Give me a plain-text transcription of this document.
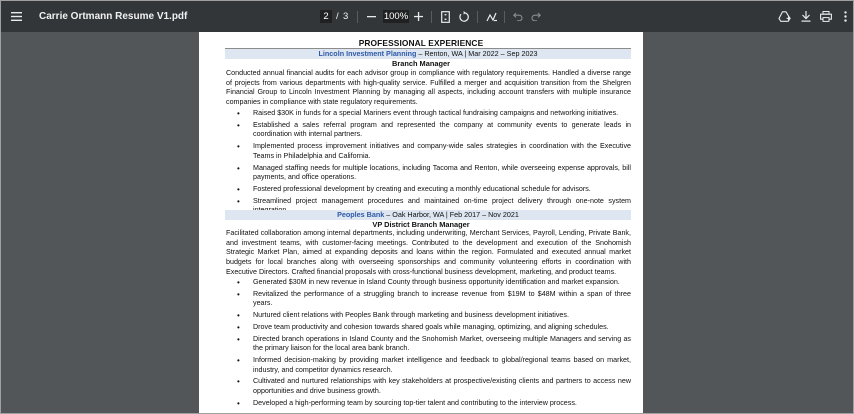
Carrie Ortmann Resume V1.pdf	2 / 3	100%
PROFESSIONAL EXPERIENCE
Lincoln Investment Planning – Renton, WA | Mar 2022 – Sep 2023
Branch Manager
Conducted annual financial audits for each advisor group in compliance with regulatory requirements. Handled a diverse range of projects from various departments with high-quality service. Fulfilled a merger and acquisition transition from the Shelgren Financial Group to Lincoln Investment Planning by managing all aspects, including account transfers with multiple insurance companies in compliance with state regulatory requirements.
• Raised $30K in funds for a special Mariners event through tactical fundraising campaigns and networking initiatives.
• Established a sales referral program and represented the company at community events to generate leads in coordination with internal partners.
• Implemented process improvement initiatives and company-wide sales strategies in coordination with the Executive Teams in Philadelphia and California.
• Managed staffing needs for multiple locations, including Tacoma and Renton, while overseeing expense approvals, bill payments, and office operations.
• Fostered professional development by creating and executing a monthly educational schedule for advisors.
• Streamlined project management procedures and maintained on-time project delivery through one-note system
Peoples Bank – Oak Harbor, WA | Feb 2017 – Nov 2021
VP District Branch Manager
Facilitated collaboration among internal departments, including underwriting, Merchant Services, Payroll, Lending, Private Bank, and investment teams, with customer-facing meetings. Contributed to the development and execution of the Snohomish Strategic Market Plan, aimed at expanding deposits and loans within the region. Formulated and executed annual market budgets for local branches along with overseeing sponsorships and community volunteering efforts in coordination with Executive Directors. Crafted financial proposals with cross-functional business development, marketing, and product teams.
• Generated $30M in new revenue in Island County through business opportunity identification and market expansion.
• Revitalized the performance of a struggling branch to increase revenue from $19M to $48M within a span of three years.
• Nurtured client relations with Peoples Bank through marketing and business development initiatives.
• Drove team productivity and cohesion towards shared goals while managing, optimizing, and aligning schedules.
• Directed branch operations in Island County and the Snohomish Market, overseeing multiple Managers and serving as the primary liaison for the local area bank branch.
• Informed decision-making by providing market intelligence and feedback to global/regional teams based on market, industry, and competitor dynamics research.
• Cultivated and nurtured relationships with key stakeholders at prospective/existing clients and partners to access new opportunities and drive business growth.
• Developed a high-performing team by sourcing top-tier talent and contributing to the interview process.
